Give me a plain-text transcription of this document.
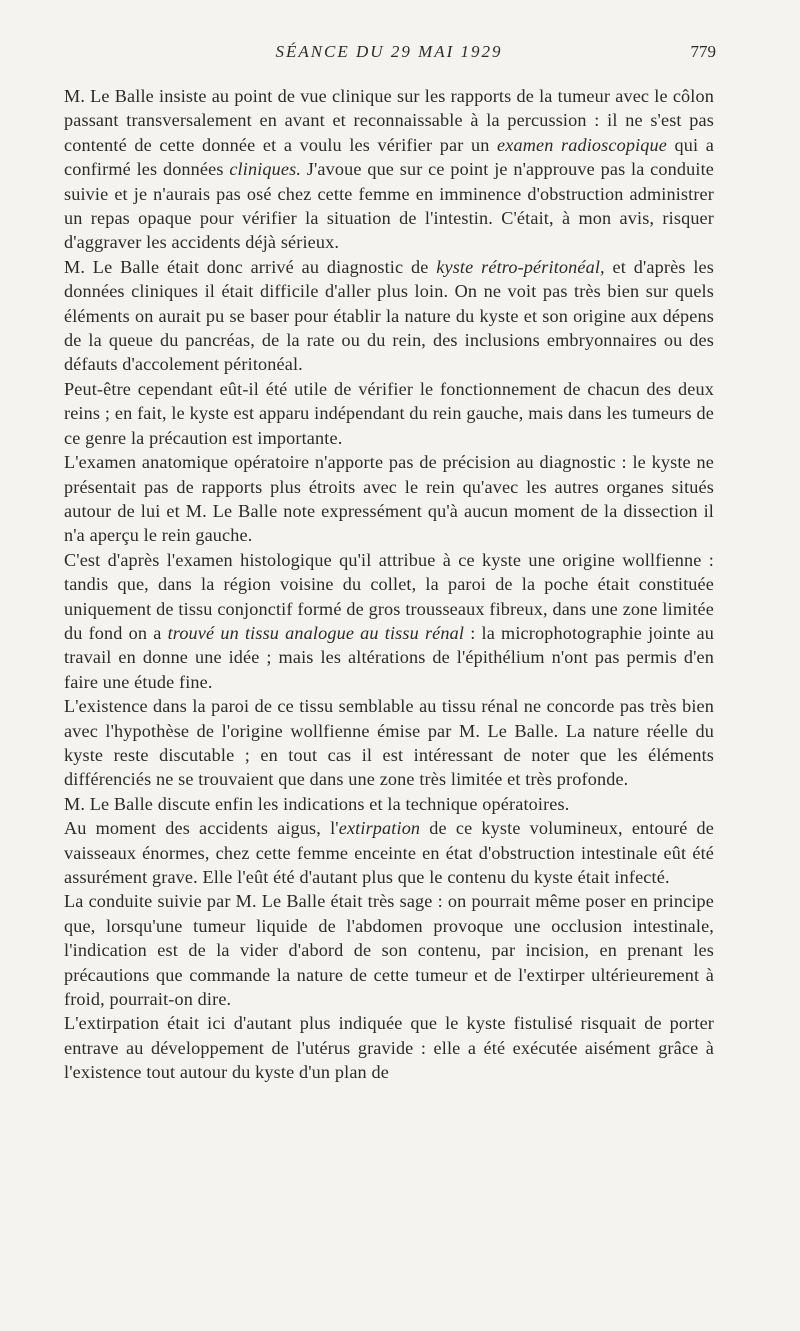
SÉANCE DU 29 MAI 1929	779

M. Le Balle insiste au point de vue clinique sur les rapports de la tumeur avec le côlon passant transversalement en avant et reconnaissable à la percussion : il ne s'est pas contenté de cette donnée et a voulu les vérifier par un examen radioscopique qui a confirmé les données cliniques. J'avoue que sur ce point je n'approuve pas la conduite suivie et je n'aurais pas osé chez cette femme en imminence d'obstruction administrer un repas opaque pour vérifier la situation de l'intestin. C'était, à mon avis, risquer d'aggraver les accidents déjà sérieux.

M. Le Balle était donc arrivé au diagnostic de kyste rétro-péritonéal, et d'après les données cliniques il était difficile d'aller plus loin. On ne voit pas très bien sur quels éléments on aurait pu se baser pour établir la nature du kyste et son origine aux dépens de la queue du pancréas, de la rate ou du rein, des inclusions embryonnaires ou des défauts d'accolement péritonéal.

Peut-être cependant eût-il été utile de vérifier le fonctionnement de chacun des deux reins ; en fait, le kyste est apparu indépendant du rein gauche, mais dans les tumeurs de ce genre la précaution est importante.

L'examen anatomique opératoire n'apporte pas de précision au diagnostic : le kyste ne présentait pas de rapports plus étroits avec le rein qu'avec les autres organes situés autour de lui et M. Le Balle note expressément qu'à aucun moment de la dissection il n'a aperçu le rein gauche.

C'est d'après l'examen histologique qu'il attribue à ce kyste une origine wollfienne : tandis que, dans la région voisine du collet, la paroi de la poche était constituée uniquement de tissu conjonctif formé de gros trousseaux fibreux, dans une zone limitée du fond on a trouvé un tissu analogue au tissu rénal : la microphotographie jointe au travail en donne une idée ; mais les altérations de l'épithélium n'ont pas permis d'en faire une étude fine.

L'existence dans la paroi de ce tissu semblable au tissu rénal ne concorde pas très bien avec l'hypothèse de l'origine wollfienne émise par M. Le Balle. La nature réelle du kyste reste discutable ; en tout cas il est intéressant de noter que les éléments différenciés ne se trouvaient que dans une zone très limitée et très profonde.

M. Le Balle discute enfin les indications et la technique opératoires.

Au moment des accidents aigus, l'extirpation de ce kyste volumineux, entouré de vaisseaux énormes, chez cette femme enceinte en état d'obstruction intestinale eût été assurément grave. Elle l'eût été d'autant plus que le contenu du kyste était infecté.

La conduite suivie par M. Le Balle était très sage : on pourrait même poser en principe que, lorsqu'une tumeur liquide de l'abdomen provoque une occlusion intestinale, l'indication est de la vider d'abord de son contenu, par incision, en prenant les précautions que commande la nature de cette tumeur et de l'extirper ultérieurement à froid, pourrait-on dire.

L'extirpation était ici d'autant plus indiquée que le kyste fistulisé risquait de porter entrave au développement de l'utérus gravide : elle a été exécutée aisément grâce à l'existence tout autour du kyste d'un plan de
